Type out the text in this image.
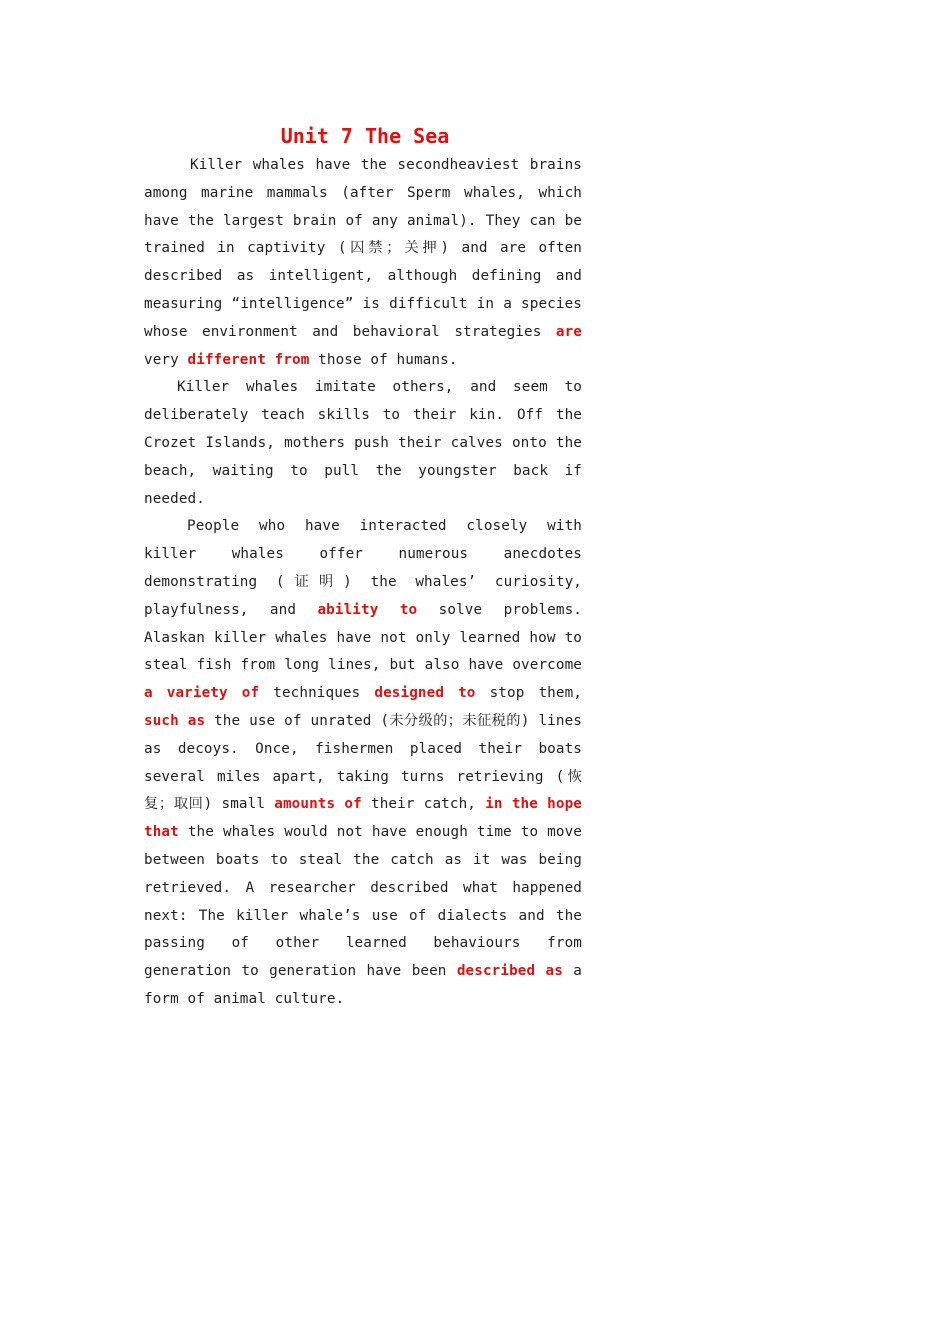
Unit 7 The Sea

Killer whales have the secondheaviest brains among marine mammals (after Sperm whales, which have the largest brain of any animal). They can be trained in captivity (囚禁；关押) and are often described as intelligent, although defining and measuring “intelligence” is difficult in a species whose environment and behavioral strategies are very different from those of humans.

Killer whales imitate others, and seem to deliberately teach skills to their kin. Off the Crozet Islands, mothers push their calves onto the beach, waiting to pull the youngster back if needed.

People who have interacted closely with killer whales offer numerous anecdotes demonstrating (证明) the whales’ curiosity, playfulness, and ability to solve problems. Alaskan killer whales have not only learned how to steal fish from long lines, but also have overcome a variety of techniques designed to stop them, such as the use of unrated (未分级的；未征税的) lines as decoys. Once, fishermen placed their boats several miles apart, taking turns retrieving (恢复；取回) small amounts of their catch, in the hope that the whales would not have enough time to move between boats to steal the catch as it was being retrieved. A researcher described what happened next: The killer whale’s use of dialects and the passing of other learned behaviours from generation to generation have been described as a form of animal culture.
